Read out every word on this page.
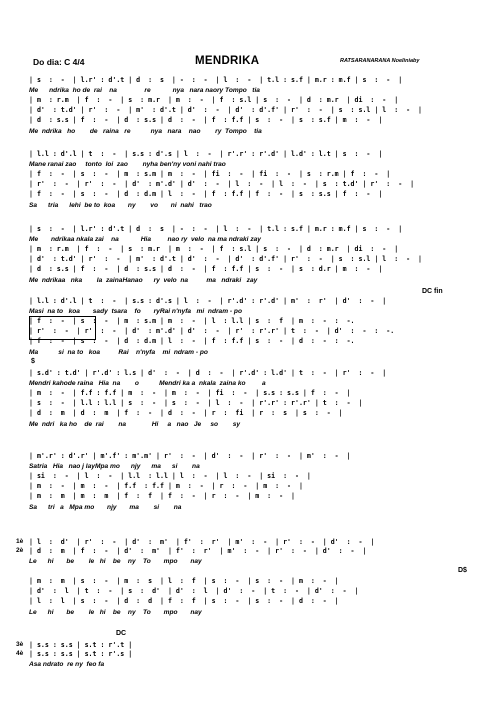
Do dia: C 4/4	MENDRIKA	RATSARANARANA Noeliniaby
| s  :  -  | l.r' : d'.t | d  :  s  | -  :  -  | l  :  -  | t.l : s.f | m.r : m.f | s  :  -  |
Me      ndrika  ho de  rai    na               re            nya   nara naory Tompo   tia
| m  : r.m  | f  :  -  | s  : m.r  | m  :  -  | f  : s.l | s  :  -  | d  : m.r  | di  :  -  |
| d'  : t.d' | r'  :  -  | m'  : d'.t | d'  :  -  | d'  : d'.f' | r'  :  -  | s  : s.l | l  :  -  |
| d  : s.s | f  :  -  | d  : s.s | d  :  -  | f  : f.f | s  :  -  | s  : s.f | m  :  -  |
Me  ndrika   ho        de   raina   re           nya   nara    nao        ry  Tompo    tia
| l.l : d'.l | t  :  -  | s.s : d'.s | l  :  -  | r'.r' : r'.d' | l.d' : l.t | s  :  -  |
Mane ranai zao     tonto  loi  zao        nyha ben'ny voni nahi trao
| f  :  -  | s  :  -  | m  : s.m | m  :  -  | fi  :  -  | fi  :  -  | s  : r.m | f  :  -  |
| r'  :  -  | r'  :  -  | d'  : m'.d' | d'  :  -  | l  :  -  | l  :  -  | s  : t.d' | r'  :  -  |
| f  :  -  | s  :  -  | d  : d.m | l  :  -  | f  : f.f | f  :  -  | s  : s.s | f  :  -  |
Sa      tria      lehi  be to  koa       ny        vo       ni  nahi   trao
| s  :  -  | l.r' : d'.t | d  :  s  | -  :  -  | l  :  -  | t.l : s.f | m.r : m.f | s  :  -  |
Me       ndrikaa nkala zai    na            Hia         nao ry  velo  na ma ndraki zay
| m  : r.m  | f  :  -  | s  : m.r  | m  :  -  | f  : s.l | s  :  -  | d  : m.r  | di  :  -  |
| d'  : t.d' | r'  :  -  | m'  : d'.t | d'  :  -  | d'  : d'.f' | r'  :  -  | s  : s.l | l  :  -  |
| d  : s.s | f  :  -  | d  : s.s | d  :  -  | f  : f.f | s  :  -  | s  : d.r | m  :  -  |
Me  ndrikaa   nka        la  zainaHanao      ry  velo  na          ma   ndraki   zay
DC fin
| l.l : d'.l | t  :  -  | s.s : d'.s | l  :  -  | r'.d' : r'.d' | m'  :  r'  | d'  :  -  |
Masi  na to   koa       sady  tsara    fo       ryRai n'nyfa   mi  ndram - po
| f  :  -  | s  :  -  | m  : s.m | m  :  -  | l  : l.l | s  :  f  | m  :  -  :  -.
| r'  :  -  | r'  :  -  | d'  : m'.d' | d'  :  -  | r'  : r'.r' | t  :  -  | d'  :  -  :  -.
| f  :  -  | s  :  -  | d  : d.m | l  :  -  | f  : f.f | s  :  -  | d  :  -  :  -.
Ma           si  na to   koa          Rai    n'nyfa    mi  ndram - po
$
| s.d' : t.d' | r'.d' : l.s | d'  :  -  | d  :  -  | r'.d' : l.d' | t  :  -  | r'  :  -  |
Mendri kahode raina   Hia  na        o           Mendri ka a  nkala  zaina ko         a
| m  :  -  | f.f : f.f | m  :  -  | m  :  -  | fi  :  -  | s.s : s.s | f  :  -  |
| s  :  -  | l.l : l.l | s  :  -  | s  :  -  | l  :  -  | r'.r' : r'.r' | t  :  -  |
| d  :  m  | d  :  m  | f  :  -  | d  :  -  | r  :  fi  | r  :  s  | s  :  -  |
Me  ndri   ka ho    de  rai        na              Hi     a   nao   Je     so        sy
| m'.r' : d'.r' | m'.f' : m'.m' | r'  :  -  | d'  :  -  | r'  :  -  | m'  :  -  |
Satria   Hia   nao j layMpa mo      njy      ma      si        na
| si  :  -  | l  :  -  | l.l  : l.l | l  :  -  | l  :  -  | si  :  -  |
| m  :  -  | m  :  -  | f.f  : f.f | m  :  -  | r  :  -  | m  :  -  |
| m  :  m  | m  :  m  | f  :  f  | f  :  -  | r  :  -  | m  :  -  |
Sa      tri   a   Mpa mo       njy       ma        si        na
1è
2è
| l  :  d'  | r'  :  -  | d'  :  m'  | f'  :  r'  | m'  :  -  | r'  :  -  | d'  :  -  |
| d  :  m  | f  :  -  | d'  :  m'  | f'  :  r'  | m'  :  -  | r'  :  -  | d'  :  -  |
Le      hi       be        le   hi    be    ny    To       mpo       nay
D$
| m  :  m  | s  :  -  | m  :  s  | l  :  f  | s  :  -  | s  :  -  | m  :  -  |
| d'  :  l  | t  :  -  | s  :  d'  | d'  :  l  | d'  :  -  | t  :  -  | d'  :  -  |
| l  :  l  | s  :  -  | d  :  d  | f  :  f  | s  :  -  | s  :  -  | d  :  -  |
Le      hi       be        le   hi    be    ny    To       mpo       nay
DC
3è
4è
| s.s : s.s | s.t : r'.t |
| s.s : s.s | s.t : r'.s |
Asa ndrato  re ny  feo fa
